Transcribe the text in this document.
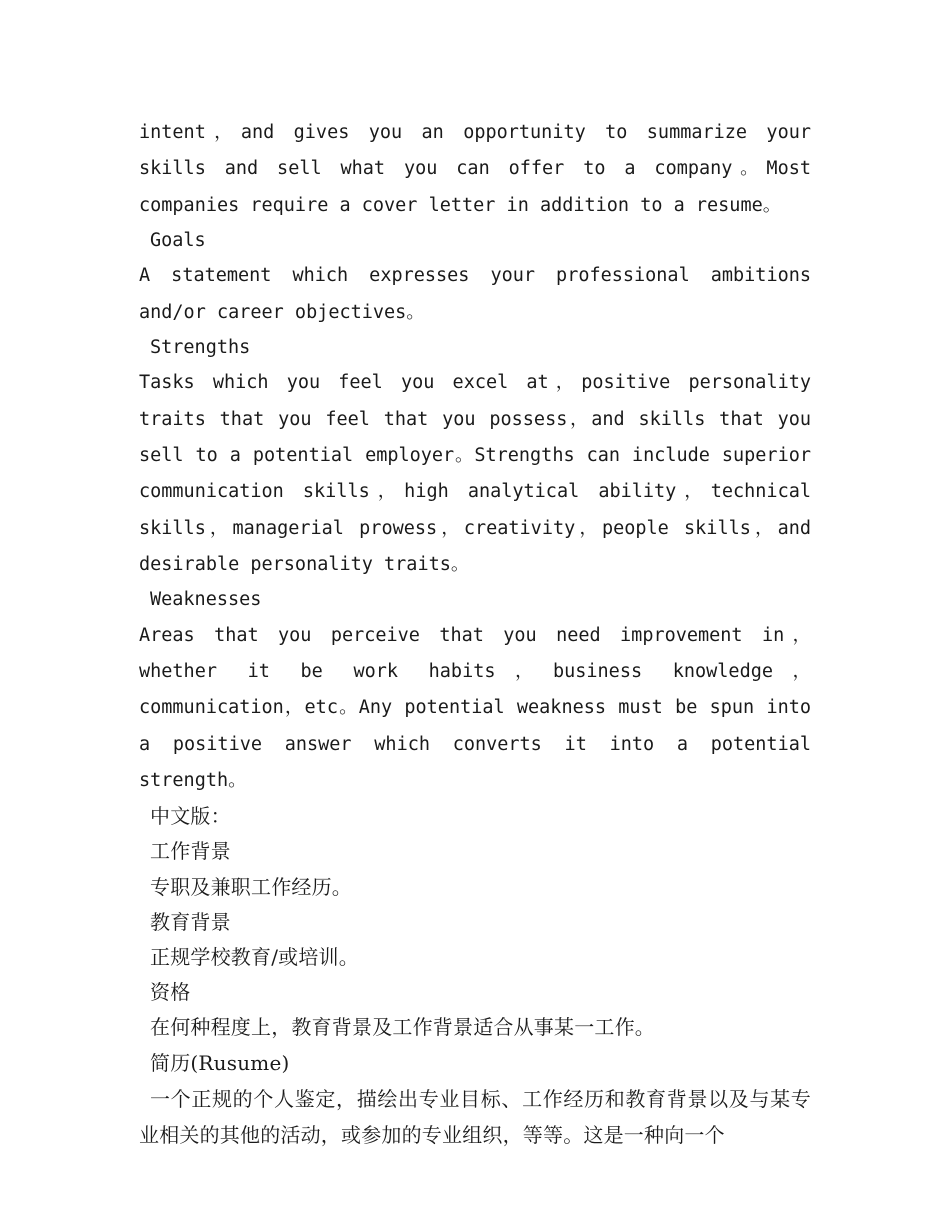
intent，and gives you an opportunity to summarize your skills and sell what you can offer to a company。Most companies require a cover letter in addition to a resume。

Goals

A statement which expresses your professional ambitions and/or career objectives。

Strengths

Tasks which you feel you excel at，positive personality traits that you feel that you possess，and skills that you sell to a potential employer。Strengths can include superior communication skills，high analytical ability，technical skills，managerial prowess，creativity，people skills，and desirable personality traits。

Weaknesses

Areas that you perceive that you need improvement in，whether it be work habits，business knowledge，communication，etc。Any potential weakness must be spun into a positive answer which converts it into a potential strength。

中文版：

工作背景

专职及兼职工作经历。

教育背景

正规学校教育/或培训。

资格

在何种程度上，教育背景及工作背景适合从事某一工作。

简历(Rusume)

一个正规的个人鉴定，描绘出专业目标、工作经历和教育背景以及与某专业相关的其他的活动，或参加的专业组织，等等。这是一种向一个
